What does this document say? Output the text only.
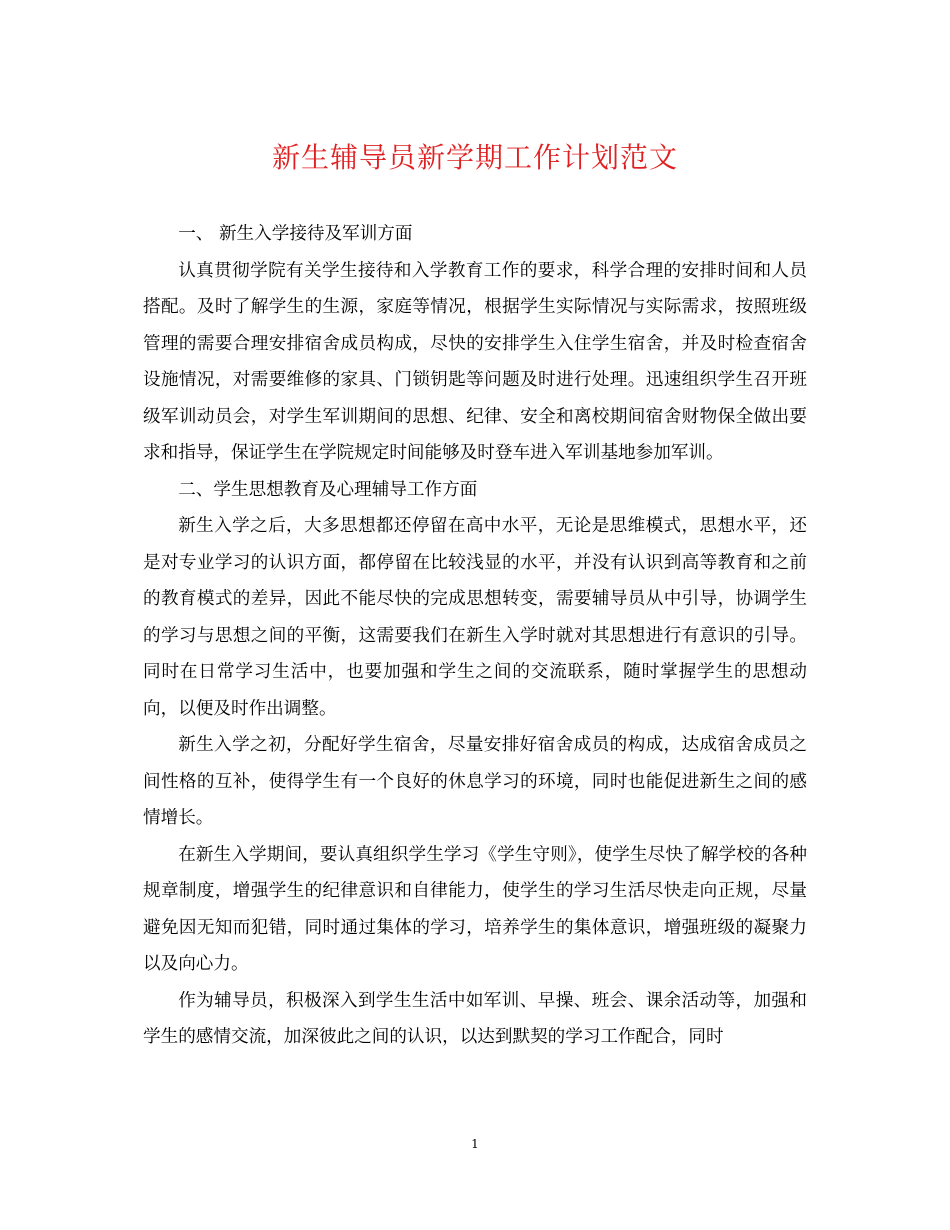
新生辅导员新学期工作计划范文

一、 新生入学接待及军训方面

认真贯彻学院有关学生接待和入学教育工作的要求，科学合理的安排时间和人员搭配。及时了解学生的生源，家庭等情况，根据学生实际情况与实际需求，按照班级管理的需要合理安排宿舍成员构成，尽快的安排学生入住学生宿舍，并及时检查宿舍设施情况，对需要维修的家具、门锁钥匙等问题及时进行处理。迅速组织学生召开班级军训动员会，对学生军训期间的思想、纪律、安全和离校期间宿舍财物保全做出要求和指导，保证学生在学院规定时间能够及时登车进入军训基地参加军训。

二、学生思想教育及心理辅导工作方面

新生入学之后，大多思想都还停留在高中水平，无论是思维模式，思想水平，还是对专业学习的认识方面，都停留在比较浅显的水平，并没有认识到高等教育和之前的教育模式的差异，因此不能尽快的完成思想转变，需要辅导员从中引导，协调学生的学习与思想之间的平衡，这需要我们在新生入学时就对其思想进行有意识的引导。同时在日常学习生活中，也要加强和学生之间的交流联系，随时掌握学生的思想动向，以便及时作出调整。

新生入学之初，分配好学生宿舍，尽量安排好宿舍成员的构成，达成宿舍成员之间性格的互补，使得学生有一个良好的休息学习的环境，同时也能促进新生之间的感情增长。

在新生入学期间，要认真组织学生学习《学生守则》，使学生尽快了解学校的各种规章制度，增强学生的纪律意识和自律能力，使学生的学习生活尽快走向正规，尽量避免因无知而犯错，同时通过集体的学习，培养学生的集体意识，增强班级的凝聚力以及向心力。

作为辅导员，积极深入到学生生活中如军训、早操、班会、课余活动等，加强和学生的感情交流，加深彼此之间的认识，以达到默契的学习工作配合，同时

1
